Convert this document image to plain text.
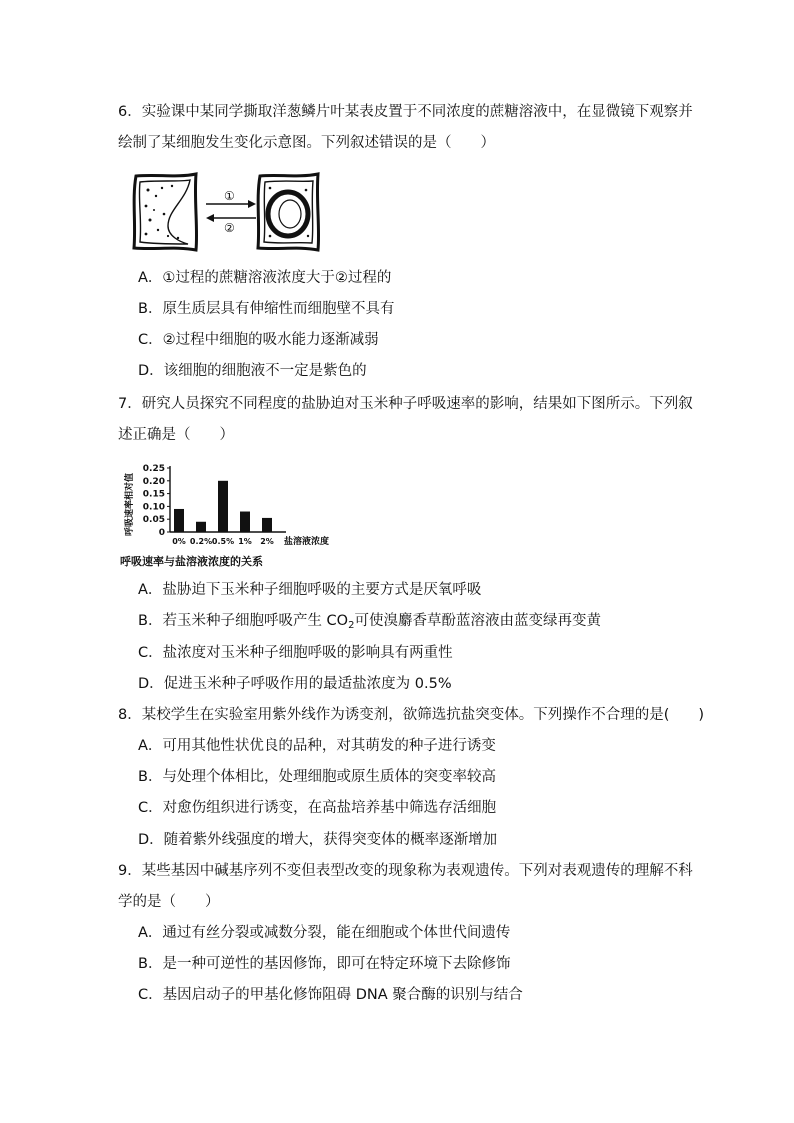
6．实验课中某同学撕取洋葱鳞片叶某表皮置于不同浓度的蔗糖溶液中，在显微镜下观察并
绘制了某细胞发生变化示意图。下列叙述错误的是（　　）
①
②
A．①过程的蔗糖溶液浓度大于②过程的
B．原生质层具有伸缩性而细胞壁不具有
C．②过程中细胞的吸水能力逐渐减弱
D．该细胞的细胞液不一定是紫色的
7．研究人员探究不同程度的盐胁迫对玉米种子呼吸速率的影响，结果如下图所示。下列叙
述正确是（　　）
呼吸速率相对值
呼吸速率与盐溶液浓度的关系
盐溶液浓度
0.25
0.20
0.15
0.10
0.05
0
0% 0.2% 0.5% 1% 2%
A．盐胁迫下玉米种子细胞呼吸的主要方式是厌氧呼吸
B．若玉米种子细胞呼吸产生 $CO_2$可使溴麝香草酚蓝溶液由蓝变绿再变黄
C．盐浓度对玉米种子细胞呼吸的影响具有两重性
D．促进玉米种子呼吸作用的最适盐浓度为 0.5%
8．某校学生在实验室用紫外线作为诱变剂，欲筛选抗盐突变体。下列操作不合理的是(　　)
A．可用其他性状优良的品种，对其萌发的种子进行诱变
B．与处理个体相比，处理细胞或原生质体的突变率较高
C．对愈伤组织进行诱变，在高盐培养基中筛选存活细胞
D．随着紫外线强度的增大，获得突变体的概率逐渐增加
9．某些基因中碱基序列不变但表型改变的现象称为表观遗传。下列对表观遗传的理解不科
学的是（　　）
A．通过有丝分裂或减数分裂，能在细胞或个体世代间遗传
B．是一种可逆性的基因修饰，即可在特定环境下去除修饰
C．基因启动子的甲基化修饰阻碍 DNA 聚合酶的识别与结合
